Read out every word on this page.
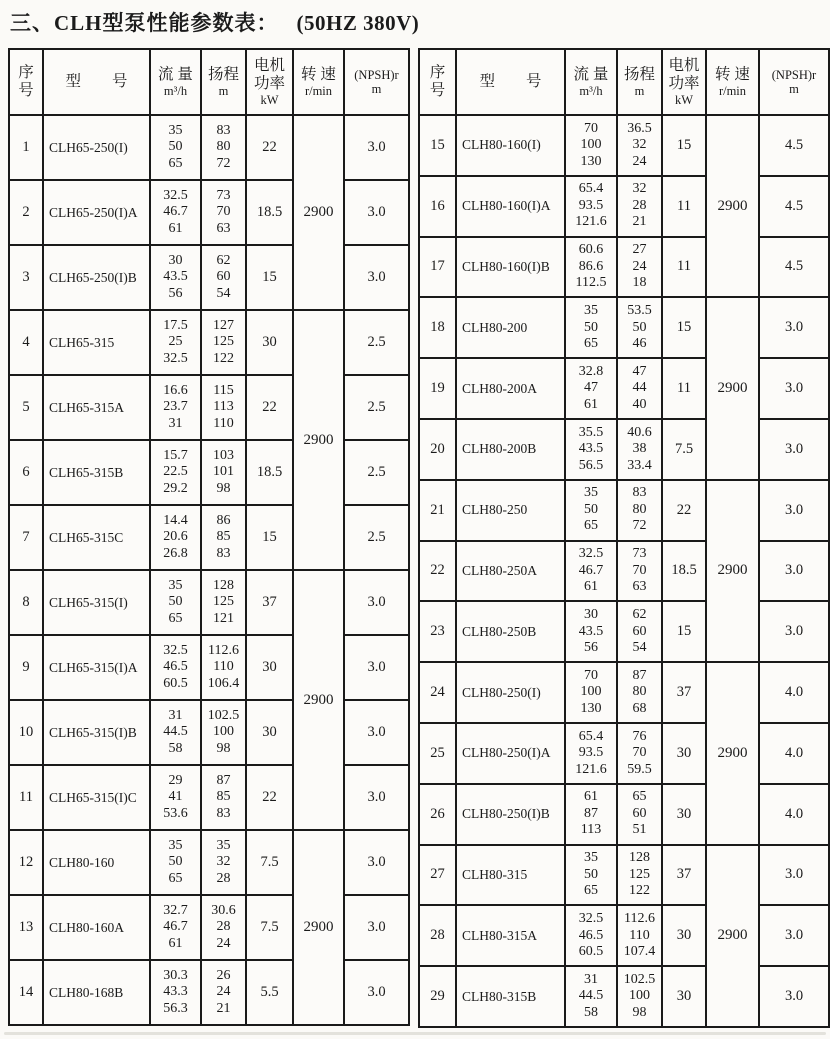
三、CLH型泵性能参数表： (50HZ 380V)
序
号

型　　号	流 量
m³/h

扬程
m

电机
功率
kW

转 速
r/min

(NPSH)r
m

1	CLH65-250(I)	
35
50
65

83
80
72
	22	2900	3.0
2	CLH65-250(I)A	
32.5
46.7
61

73
70
63
	18.5	3.0
3	CLH65-250(I)B	
30
43.5
56

62
60
54
	15	3.0
4	CLH65-315	
17.5
25
32.5

127
125
122
	30	2900	2.5
5	CLH65-315A	
16.6
23.7
31

115
113
110
	22	2.5
6	CLH65-315B	
15.7
22.5
29.2

103
101
98
	18.5	2.5
7	CLH65-315C	
14.4
20.6
26.8

86
85
83
	15	2.5
8	CLH65-315(I)	
35
50
65

128
125
121
	37	2900	3.0
9	CLH65-315(I)A	
32.5
46.5
60.5

112.6
110
106.4
	30	3.0
10	CLH65-315(I)B	
31
44.5
58

102.5
100
98
	30	3.0
11	CLH65-315(I)C	
29
41
53.6

87
85
83
	22	3.0
12	CLH80-160	
35
50
65

35
32
28
	7.5	2900	3.0
13	CLH80-160A	
32.7
46.7
61

30.6
28
24
	7.5	3.0
14	CLH80-168B	
30.3
43.3
56.3

26
24
21
	5.5	3.0
序
号

型　　号	流 量
m³/h

扬程
m

电机
功率
kW

转 速
r/min

(NPSH)r
m

15	CLH80-160(I)	
70
100
130

36.5
32
24
	15	2900	4.5
16	CLH80-160(I)A	
65.4
93.5
121.6

32
28
21
	11	4.5
17	CLH80-160(I)B	
60.6
86.6
112.5

27
24
18
	11	4.5
18	CLH80-200	
35
50
65

53.5
50
46
	15	2900	3.0
19	CLH80-200A	
32.8
47
61

47
44
40
	11	3.0
20	CLH80-200B	
35.5
43.5
56.5

40.6
38
33.4
	7.5	3.0
21	CLH80-250	
35
50
65

83
80
72
	22	2900	3.0
22	CLH80-250A	
32.5
46.7
61

73
70
63
	18.5	3.0
23	CLH80-250B	
30
43.5
56

62
60
54
	15	3.0
24	CLH80-250(I)	
70
100
130

87
80
68
	37	2900	4.0
25	CLH80-250(I)A	
65.4
93.5
121.6

76
70
59.5
	30	4.0
26	CLH80-250(I)B	
61
87
113

65
60
51
	30	4.0
27	CLH80-315	
35
50
65

128
125
122
	37	2900	3.0
28	CLH80-315A	
32.5
46.5
60.5

112.6
110
107.4
	30	3.0
29	CLH80-315B	
31
44.5
58

102.5
100
98
	30	3.0
